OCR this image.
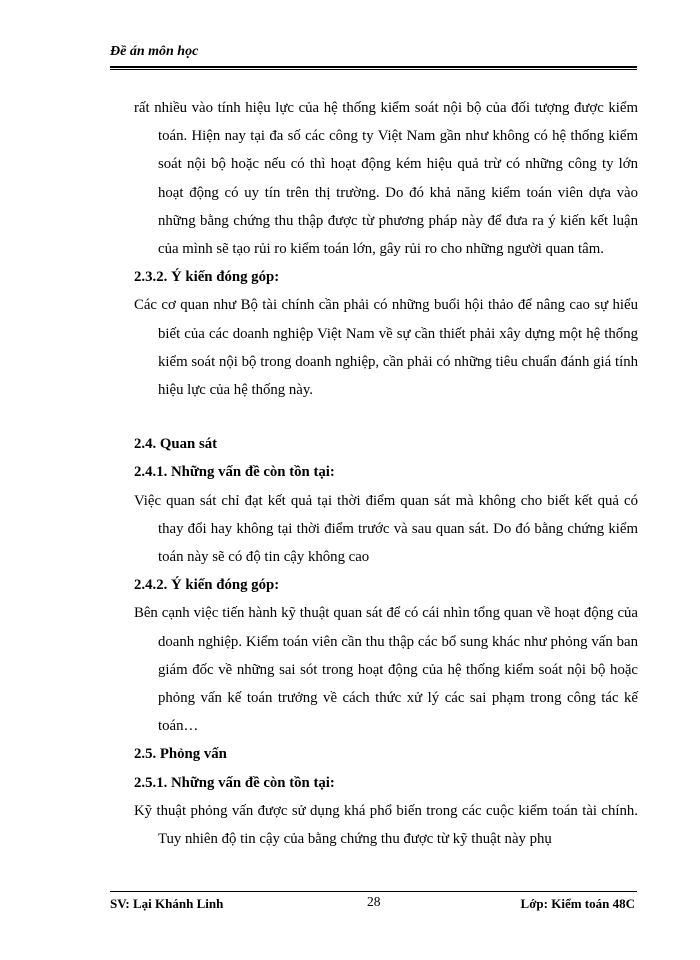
Đề án môn học

rất nhiều vào tính hiệu lực của hệ thống kiểm soát nội bộ của đối tượng được kiểm toán. Hiện nay tại đa số các công ty Việt Nam gần như không có hệ thống kiểm soát nội bộ hoặc nếu có thì hoạt động kém hiệu quả trừ có những công ty lớn hoạt động có uy tín trên thị trường. Do đó khả năng kiểm toán viên dựa vào những bằng chứng thu thập được từ phương pháp này để đưa ra ý kiến kết luận của mình sẽ tạo rủi ro kiểm toán lớn, gây rủi ro cho những người quan tâm.

2.3.2. Ý kiến đóng góp:

Các cơ quan như Bộ tài chính cần phải có những buổi hội thảo để nâng cao sự hiểu biết của các doanh nghiệp Việt Nam về sự cần thiết phải xây dựng một hệ thống kiểm soát nội bộ trong doanh nghiệp, cần phải có những tiêu chuẩn đánh giá tính hiệu lực của hệ thống này.

2.4. Quan sát

2.4.1. Những vấn đề còn tồn tại:

Việc quan sát chỉ đạt kết quả tại thời điểm quan sát mà không cho biết kết quả có thay đổi hay không tại thời điểm trước và sau quan sát. Do đó bằng chứng kiểm toán này sẽ có độ tin cậy không cao

2.4.2. Ý kiến đóng góp:

Bên cạnh việc tiến hành kỹ thuật quan sát để có cái nhìn tổng quan về hoạt động của doanh nghiệp. Kiểm toán viên cần thu thập các bổ sung khác như phỏng vấn ban giám đốc về những sai sót trong hoạt động của hệ thống kiểm soát nội bộ hoặc phỏng vấn kế toán trưởng về cách thức xử lý các sai phạm trong công tác kế toán…

2.5. Phỏng vấn

2.5.1. Những vấn đề còn tồn tại:

Kỹ thuật phỏng vấn được sử dụng khá phổ biến trong các cuộc kiểm toán tài chính. Tuy nhiên độ tin cậy của bằng chứng thu được từ kỹ thuật này phụ

SV: Lại Khánh Linh	28	Lớp: Kiểm toán 48C
